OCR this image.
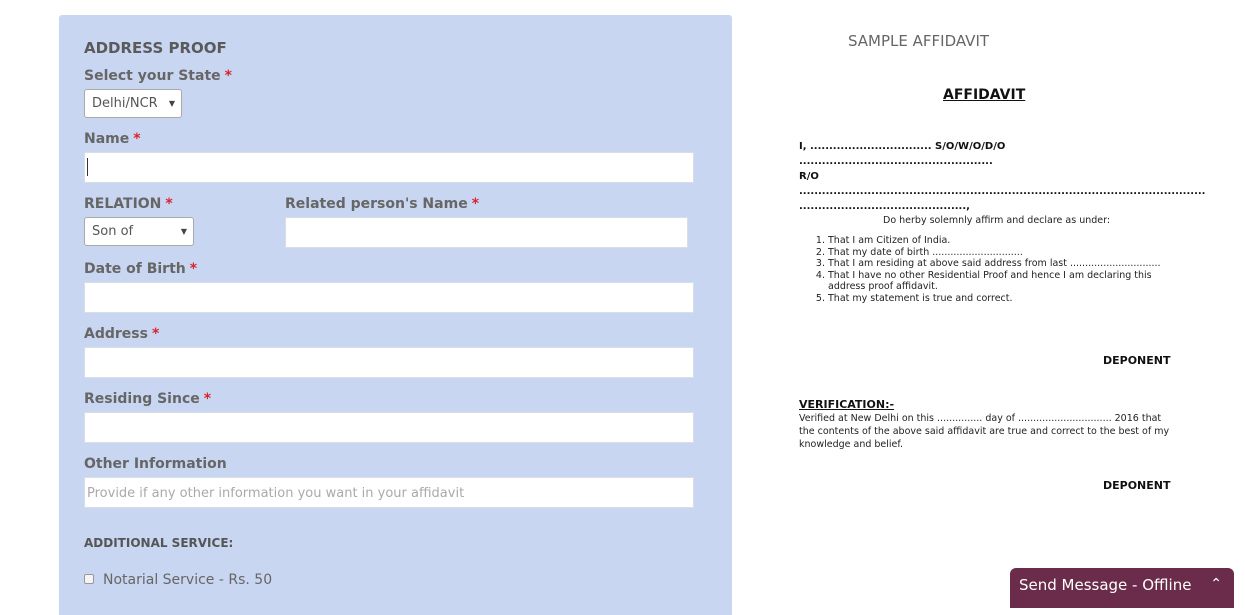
ADDRESS PROOF
Select your State *
Delhi/NCR ▼
Name *
RELATION *
Son of	▼
Related person's Name *
Date of Birth *
Address *
Residing Since *
Other Information
Provide if any other information you want in your affidavit
ADDITIONAL SERVICE:
Notarial Service - Rs. 50
SAMPLE AFFIDAVIT
AFFIDAVIT
I, ................................ S/O/W/O/D/O
...................................................
R/O
...........................................................................................................
............................................,
Do herby solemnly affirm and declare as under:
1. That I am Citizen of India.
2. That my date of birth ..............................
3. That I am residing at above said address from last ..............................
4. That I have no other Residential Proof and hence I am declaring this address proof affidavit.
5. That my statement is true and correct.
DEPONENT
VERIFICATION:-
Verified at New Delhi on this ............... day of ............................... 2016 that the contents of the above said affidavit are true and correct to the best of my knowledge and belief.
DEPONENT
Send Message - Offline ⌃
